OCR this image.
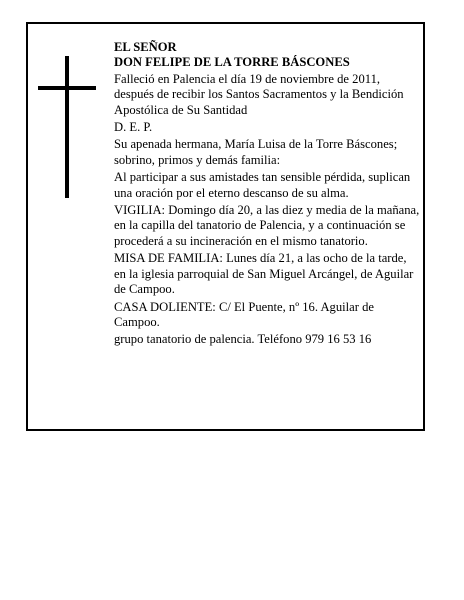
EL SEÑOR

DON FELIPE DE LA TORRE BÁSCONES

Falleció en Palencia el día 19 de noviembre de 2011, después de recibir los Santos Sacramentos y la Bendición Apostólica de Su Santidad

D. E. P.

Su apenada hermana, María Luisa de la Torre Báscones; sobrino, primos y demás familia:

Al participar a sus amistades tan sensible pérdida, suplican una oración por el eterno descanso de su alma.

VIGILIA: Domingo día 20, a las diez y media de la mañana, en la capilla del tanatorio de Palencia, y a continuación se procederá a su incineración en el mismo tanatorio.

MISA DE FAMILIA: Lunes día 21, a las ocho de la tarde, en la iglesia parroquial de San Miguel Arcángel, de Aguilar de Campoo.

CASA DOLIENTE: C/ El Puente, nº 16. Aguilar de Campoo.

grupo tanatorio de palencia. Teléfono 979 16 53 16
